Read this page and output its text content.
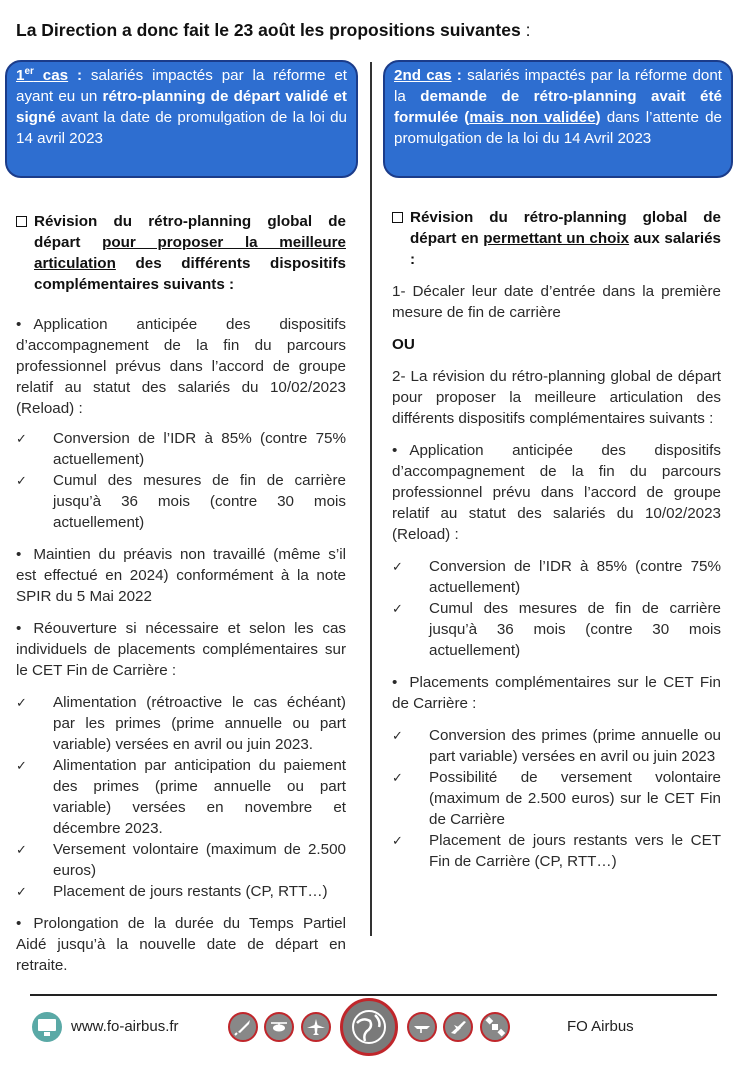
La Direction a donc fait le 23 août les propositions suivantes :
1er cas : salariés impactés par la réforme et ayant eu un rétro-planning de départ validé et signé avant la date de promulgation de la loi du 14 avril 2023
2nd cas : salariés impactés par la réforme dont la demande de rétro-planning avait été formulée (mais non validée) dans l’attente de promulgation de la loi du 14 Avril 2023
Révision du rétro-planning global de départ pour proposer la meilleure articulation des différents dispositifs complémentaires suivants :

• Application anticipée des dispositifs d’accompagnement de la fin du parcours professionnel prévus dans l’accord de groupe relatif au statut des salariés du 10/02/2023 (Reload) :

✓	Conversion de l’IDR à 85% (contre 75% actuellement)
✓	Cumul des mesures de fin de carrière jusqu’à 36 mois (contre 30 mois actuellement)

• Maintien du préavis non travaillé (même s’il est effectué en 2024) conformément à la note SPIR du 5 Mai 2022

• Réouverture si nécessaire et selon les cas individuels de placements complémentaires sur le CET Fin de Carrière :

✓	Alimentation (rétroactive le cas échéant) par les primes (prime annuelle ou part variable) versées en avril ou juin 2023.
✓	Alimentation par anticipation du paiement des primes (prime annuelle ou part variable) versées en novembre et décembre 2023.
✓	Versement volontaire (maximum de 2.500 euros)
✓	Placement de jours restants (CP, RTT…)

• Prolongation de la durée du Temps Partiel Aidé jusqu’à la nouvelle date de départ en retraite.

Révision du rétro-planning global de départ en permettant un choix aux salariés :

1- Décaler leur date d’entrée dans la première mesure de fin de carrière

OU

2- La révision du rétro-planning global de départ pour proposer la meilleure articulation des différents dispositifs complémentaires suivants :

• Application anticipée des dispositifs d’accompagnement de la fin du parcours professionnel prévu dans l’accord de groupe relatif au statut des salariés du 10/02/2023 (Reload) :

✓	Conversion de l’IDR à 85% (contre 75% actuellement)
✓	Cumul des mesures de fin de carrière jusqu’à 36 mois (contre 30 mois actuellement)

• Placements complémentaires sur le CET Fin de Carrière :

✓	Conversion des primes (prime annuelle ou part variable) versées en avril ou juin 2023
✓	Possibilité de versement volontaire (maximum de 2.500 euros) sur le CET Fin de Carrière
✓	Placement de jours restants vers le CET Fin de Carrière (CP, RTT…)
www.fo-airbus.fr	FO Airbus
